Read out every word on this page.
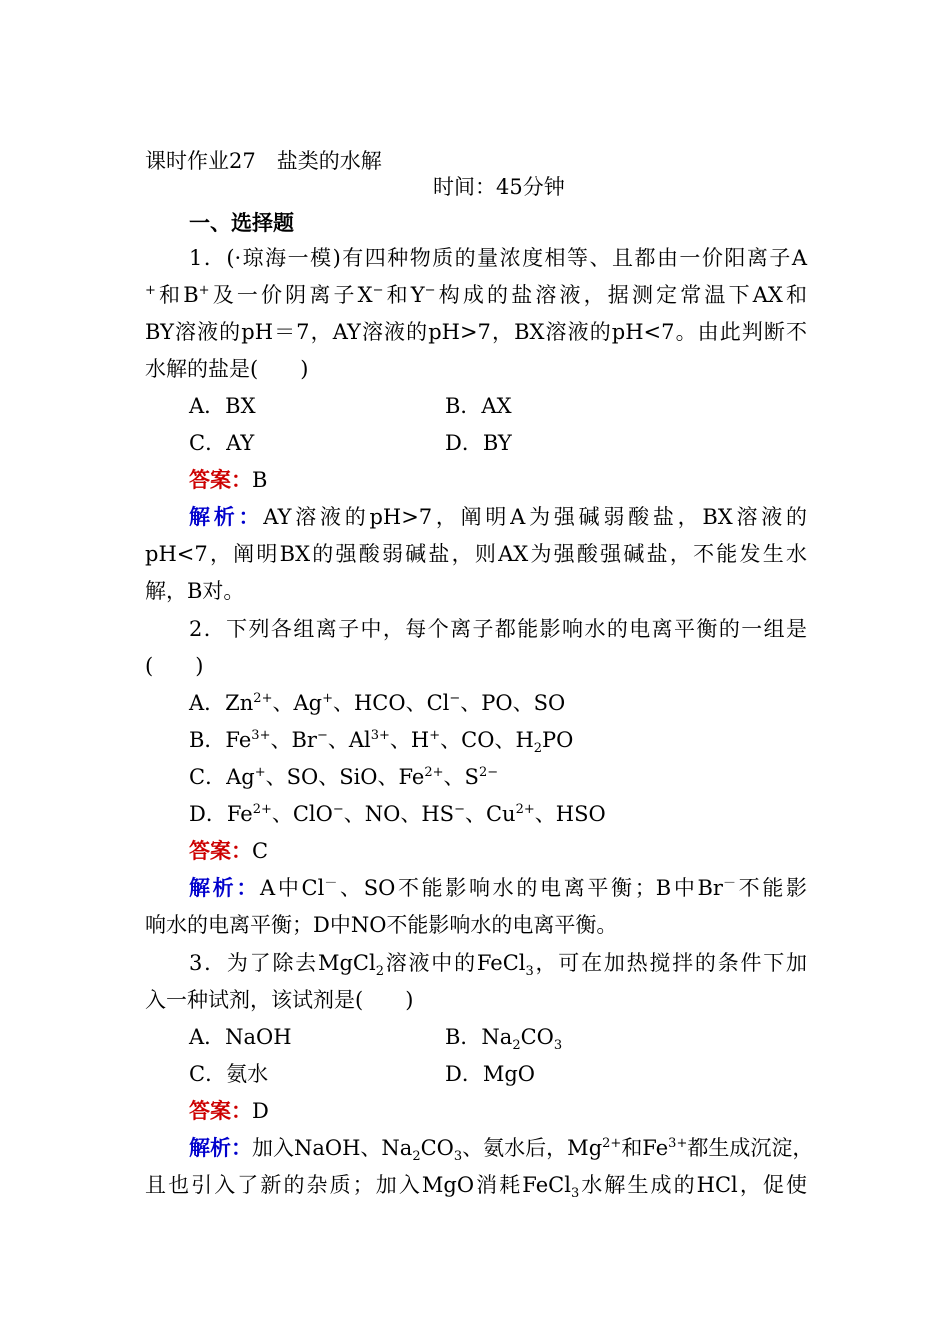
课时作业27　盐类的水解
时间：45分钟
一、选择题
1．(·琼海一模)有四种物质的量浓度相等、且都由一价阳离子A
+和B+及一价阴离子X−和Y−构成的盐溶液，据测定常温下AX和
BY溶液的pH＝7，AY溶液的pH>7，BX溶液的pH<7。由此判断不
水解的盐是(　　)
A．BX	B．AX
C．AY	D．BY
答案：B
解析：AY溶液的pH>7，阐明A为强碱弱酸盐，BX溶液的
pH<7，阐明BX的强酸弱碱盐，则AX为强酸强碱盐，不能发生水
解，B对。
2．下列各组离子中，每个离子都能影响水的电离平衡的一组是
(　　)
A．$Zn^{2+}$、Ag+、HCO、Cl−、PO、SO
B．$Fe^{3+}$、Br−、$Al^{3+}$、H+、CO、$H_2PO$
C．Ag+、SO、SiO、$Fe^{2+}$、$S^{2-}$
D．$Fe^{2+}$、ClO−、NO、HS−、$Cu^{2+}$、HSO
答案：C
解析：A中Cl－、SO不能影响水的电离平衡；B中Br－不能影
响水的电离平衡；D中NO不能影响水的电离平衡。
3．为了除去MgCl$_2$溶液中的FeCl$_3$，可在加热搅拌的条件下加
入一种试剂，该试剂是(　　)
A．NaOH	B．$Na_2CO_3$
C．氨水	D．MgO
答案：D
解析：加入NaOH、$Na_2CO_3$、氨水后，$Mg^{2+}$和$Fe^{3+}$都生成沉淀，
且也引入了新的杂质；加入MgO消耗FeCl$_3$水解生成的HCl，促使
